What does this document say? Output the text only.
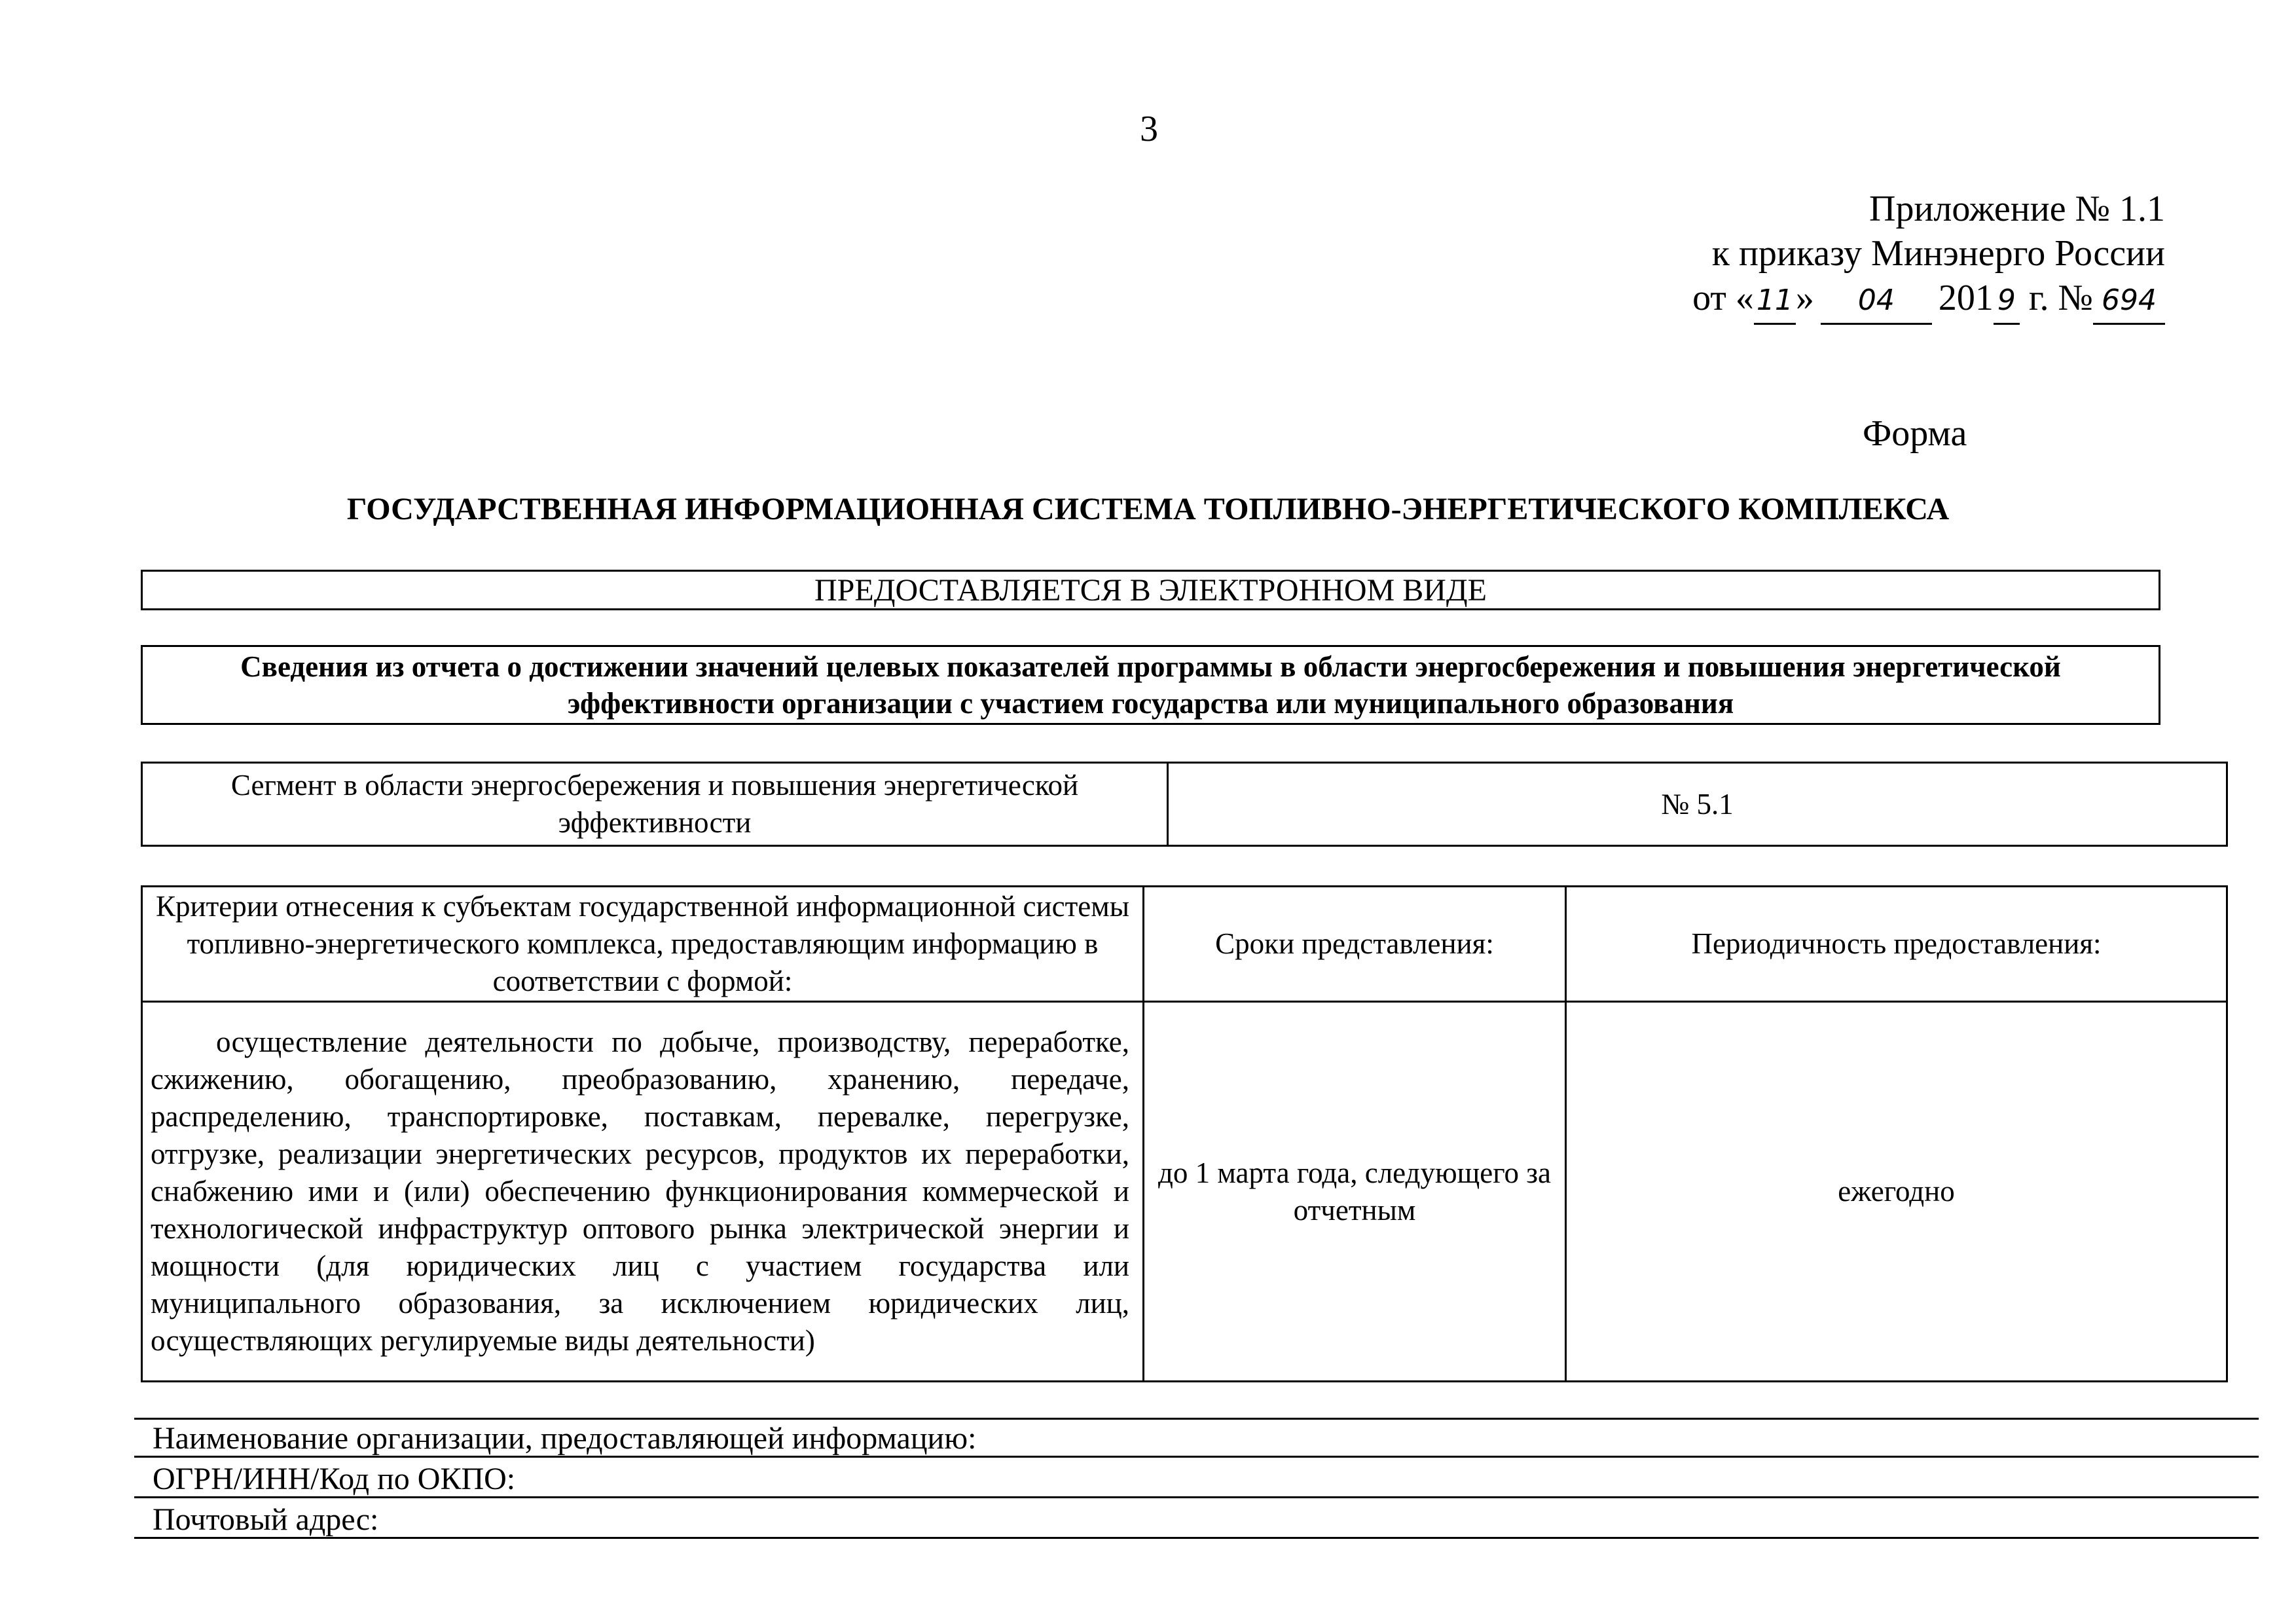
3
Приложение № 1.1
к приказу Минэнерго России
от «11» 04 201 9 г. № 694
Форма
ГОСУДАРСТВЕННАЯ ИНФОРМАЦИОННАЯ СИСТЕМА ТОПЛИВНО-ЭНЕРГЕТИЧЕСКОГО КОМПЛЕКСА
ПРЕДОСТАВЛЯЕТСЯ В ЭЛЕКТРОННОМ ВИДЕ
Сведения из отчета о достижении значений целевых показателей программы в области энергосбережения и повышения энергетической эффективности организации с участием государства или муниципального образования
Сегмент в области энергосбережения и повышения энергетической эффективности	№ 5.1
Критерии отнесения к субъектам государственной информационной системы топливно-энергетического комплекса, предоставляющим информацию в соответствии с формой:	Сроки представления:	Периодичность предоставления:

осуществление деятельности по добыче, производству, переработке, сжижению, обогащению, преобразованию, хранению, передаче, распределению, транспортировке, поставкам, перевалке, перегрузке, отгрузке, реализации энергетических ресурсов, продуктов их переработки, снабжению ими и (или) обеспечению функционирования коммерческой и технологической инфраструктур оптового рынка электрической энергии и мощности (для юридических лиц с участием государства или муниципального образования, за исключением юридических лиц, осуществляющих регулируемые виды деятельности)	до 1 марта года, следующего за отчетным	ежегодно
Наименование организации, предоставляющей информацию:
ОГРН/ИНН/Код по ОКПО:
Почтовый адрес:
